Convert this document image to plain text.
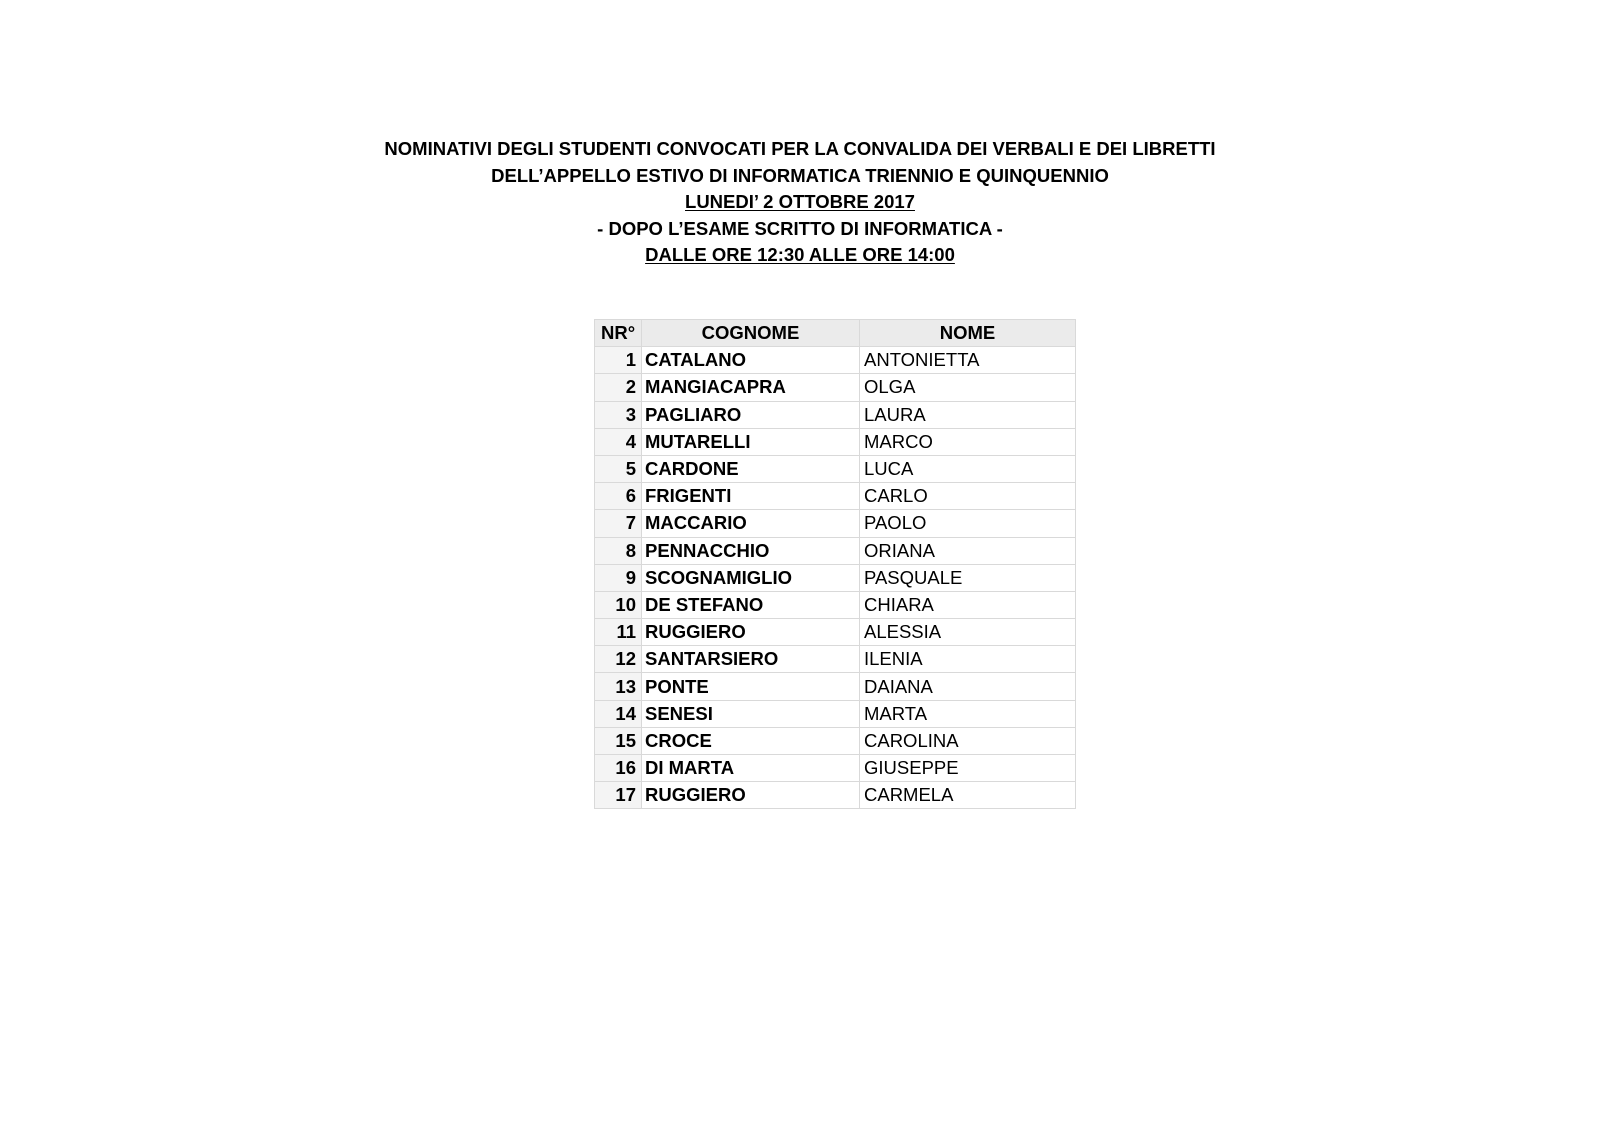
NOMINATIVI DEGLI STUDENTI CONVOCATI PER LA CONVALIDA DEI VERBALI E DEI LIBRETTI
DELL’APPELLO ESTIVO DI INFORMATICA TRIENNIO E QUINQUENNIO
LUNEDI’ 2 OTTOBRE 2017
- DOPO L’ESAME SCRITTO DI INFORMATICA -
DALLE ORE 12:30 ALLE ORE 14:00
NR°	COGNOME	NOME
1	CATALANO	ANTONIETTA
2	MANGIACAPRA	OLGA
3	PAGLIARO	LAURA
4	MUTARELLI	MARCO
5	CARDONE	LUCA
6	FRIGENTI	CARLO
7	MACCARIO	PAOLO
8	PENNACCHIO	ORIANA
9	SCOGNAMIGLIO	PASQUALE
10	DE STEFANO	CHIARA
11	RUGGIERO	ALESSIA
12	SANTARSIERO	ILENIA
13	PONTE	DAIANA
14	SENESI	MARTA
15	CROCE	CAROLINA
16	DI MARTA	GIUSEPPE
17	RUGGIERO	CARMELA
